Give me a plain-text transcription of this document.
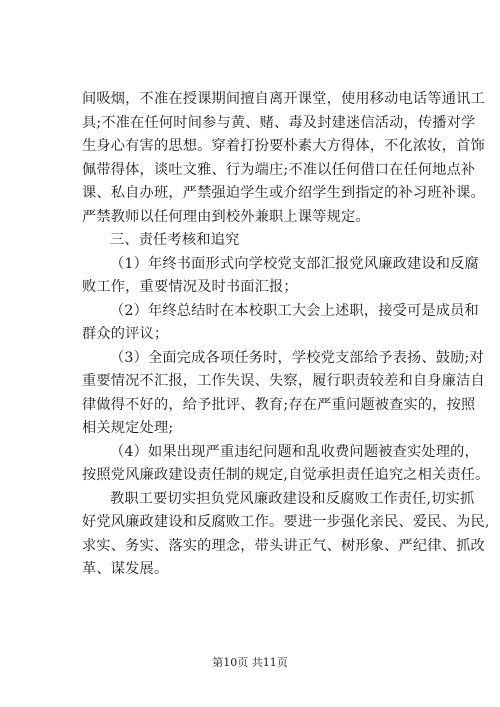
间吸烟，不准在授课期间擅自离开课堂，使用移动电话等通讯工
具;不准在任何时间参与黄、赌、毒及封建迷信活动，传播对学
生身心有害的思想。穿着打扮要朴素大方得体，不化浓妆，首饰
佩带得体，谈吐文雅、行为端庄;不准以任何借口在任何地点补
课、私自办班，严禁强迫学生或介绍学生到指定的补习班补课。
严禁教师以任何理由到校外兼职上课等规定。
三、责任考核和追究
（1）年终书面形式向学校党支部汇报党风廉政建设和反腐
败工作，重要情况及时书面汇报；
（2）年终总结时在本校职工大会上述职，接受可是成员和
群众的评议；
（3）全面完成各项任务时，学校党支部给予表扬、鼓励;对
重要情况不汇报，工作失误、失察，履行职责较差和自身廉洁自
律做得不好的，给予批评、教育;存在严重问题被查实的，按照
相关规定处理;
（4）如果出现严重违纪问题和乱收费问题被查实处理的，
按照党风廉政建设责任制的规定,自觉承担责任追究之相关责任。
教职工要切实担负党风廉政建设和反腐败工作责任,切实抓
好党风廉政建设和反腐败工作。要进一步强化亲民、爱民、为民,
求实、务实、落实的理念，带头讲正气、树形象、严纪律、抓改
革、谋发展。
第10页 共11页
